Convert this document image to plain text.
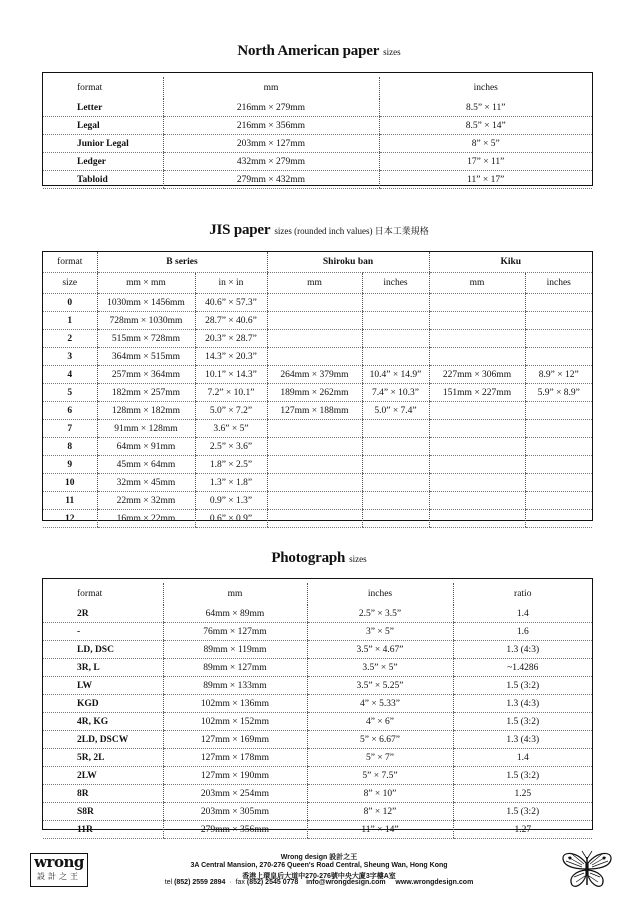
North American paper sizes
format	mm	inches
Letter	216mm × 279mm	8.5” × 11”
Legal	216mm × 356mm	8.5” × 14”
Junior Legal	203mm × 127mm	8” × 5”
Ledger	432mm × 279mm	17” × 11”
Tabloid	279mm × 432mm	11” × 17”
JIS paper sizes (rounded inch values) 日本工業規格
format	B series		Shiroku ban		Kiku	
size	mm × mm	in × in	mm	inches	mm	inches
0	1030mm × 1456mm	40.6” × 57.3”				
1	728mm × 1030mm	28.7” × 40.6”				
2	515mm × 728mm	20.3” × 28.7”				
3	364mm × 515mm	14.3” × 20.3”				
4	257mm × 364mm	10.1” × 14.3”	264mm × 379mm	10.4” × 14.9”	227mm × 306mm	8.9” × 12”
5	182mm × 257mm	7.2” × 10.1”	189mm × 262mm	7.4” × 10.3”	151mm × 227mm	5.9” × 8.9”
6	128mm × 182mm	5.0” × 7.2”	127mm × 188mm	5.0” × 7.4”		
7	91mm × 128mm	3.6” × 5”				
8	64mm × 91mm	2.5” × 3.6”				
9	45mm × 64mm	1.8” × 2.5”				
10	32mm × 45mm	1.3” × 1.8”				
11	22mm × 32mm	0.9” × 1.3”				
12	16mm × 22mm	0.6” × 0.9”				
Photograph sizes
format	mm	inches	ratio
2R	64mm × 89mm	2.5” × 3.5”	1.4
-	76mm × 127mm	3” × 5”	1.6
LD, DSC	89mm × 119mm	3.5” × 4.67”	1.3 (4:3)
3R, L	89mm × 127mm	3.5” × 5”	~1.4286
LW	89mm × 133mm	3.5” × 5.25”	1.5 (3:2)
KGD	102mm × 136mm	4” × 5.33”	1.3 (4:3)
4R, KG	102mm × 152mm	4” × 6”	1.5 (3:2)
2LD, DSCW	127mm × 169mm	5” × 6.67”	1.3 (4:3)
5R, 2L	127mm × 178mm	5” × 7”	1.4
2LW	127mm × 190mm	5” × 7.5”	1.5 (3:2)
8R	203mm × 254mm	8” × 10”	1.25
S8R	203mm × 305mm	8” × 12”	1.5 (3:2)
11R	279mm × 356mm	11” × 14”	1.27
wrong
設計之王
Wrong design 設計之王
3A Central Mansion, 270-276 Queen's Road Central, Sheung Wan, Hong Kong
香港上環皇后大道中270-276號中央大廈3字樓A室
tel (852) 2559 2894  ·  fax (852) 2545 0778 info@wrongdesign.com www.wrongdesign.com
